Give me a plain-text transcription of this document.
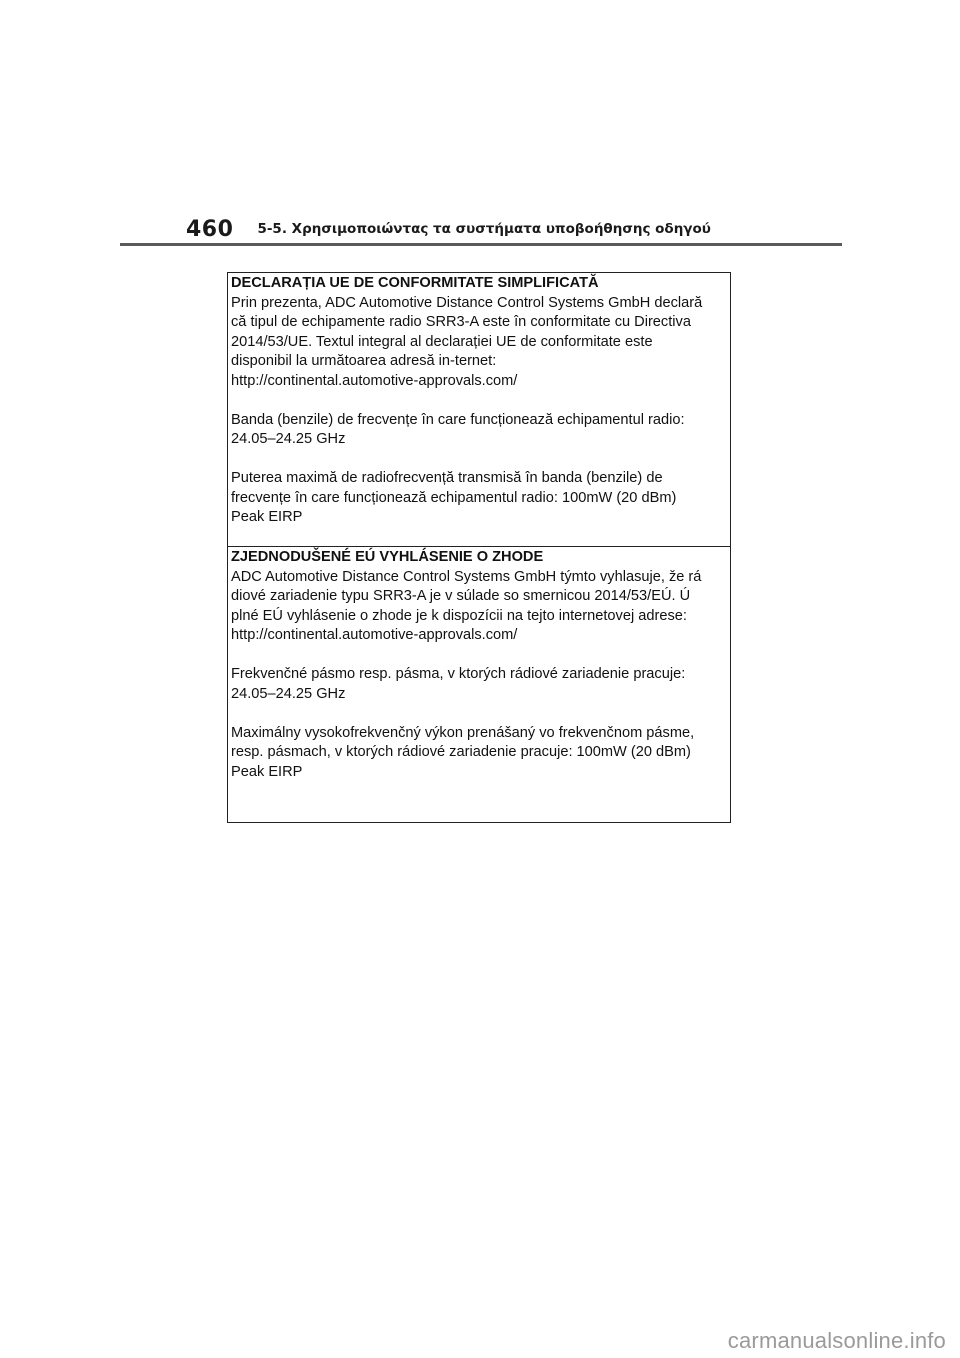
460 5-5. Χρησιμοποιώντας τα συστήματα υποβοήθησης οδηγού
DECLARAȚIA UE DE CONFORMITATE SIMPLIFICATĂ
Prin prezenta, ADC Automotive Distance Control Systems GmbH declară
că tipul de echipamente radio SRR3-A este în conformitate cu Directiva
2014/53/UE. Textul integral al declarației UE de conformitate este
disponibil la următoarea adresă in-ternet:
http://continental.automotive-approvals.com/
Banda (benzile) de frecvențe în care funcționează echipamentul radio:
24.05–24.25 GHz
Puterea maximă de radiofrecvență transmisă în banda (benzile) de
frecvențe în care funcționează echipamentul radio: 100mW (20 dBm)
Peak EIRP
ZJEDNODUŠENÉ EÚ VYHLÁSENIE O ZHODE
ADC Automotive Distance Control Systems GmbH týmto vyhlasuje, že rá
diové zariadenie typu SRR3-A je v súlade so smernicou 2014/53/EÚ. Ú
plné EÚ vyhlásenie o zhode je k dispozícii na tejto internetovej adrese:
http://continental.automotive-approvals.com/
Frekvenčné pásmo resp. pásma, v ktorých rádiové zariadenie pracuje:
24.05–24.25 GHz
Maximálny vysokofrekvenčný výkon prenášaný vo frekvenčnom pásme,
resp. pásmach, v ktorých rádiové zariadenie pracuje: 100mW (20 dBm)
Peak EIRP
carmanualsonline.info
